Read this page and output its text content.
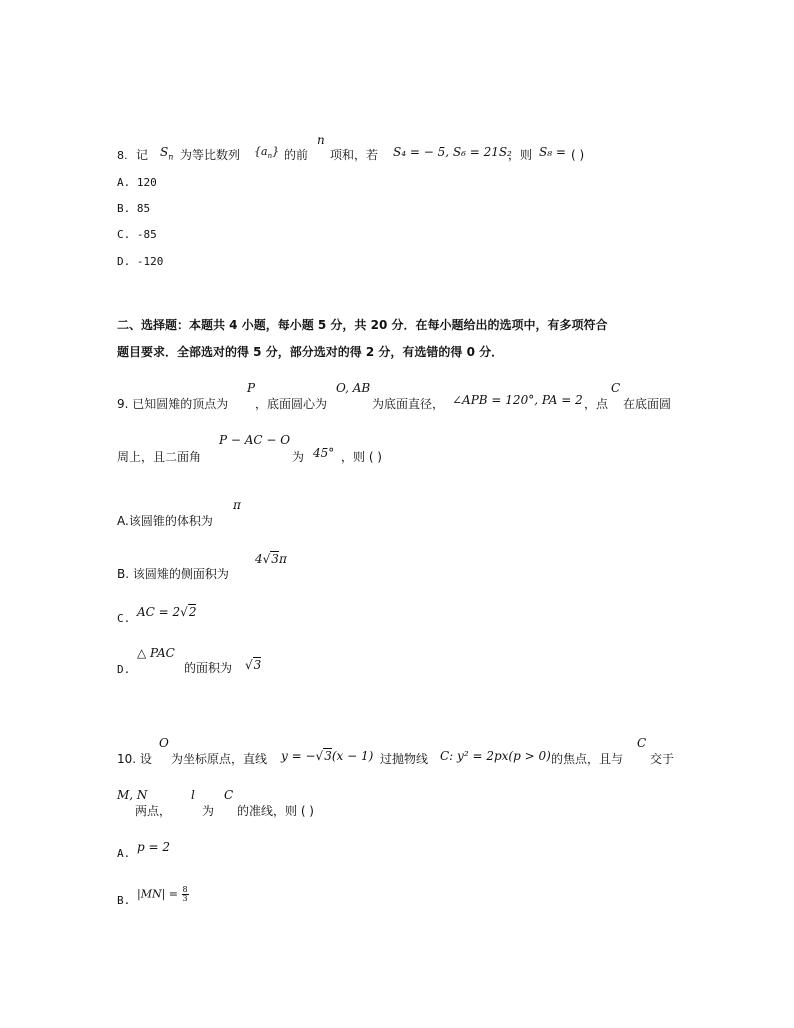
8. 记 $S_n$ 为等比数列 $\{a_n\}$ 的前
n
项和，若 S₄ = − 5, S₆ = 21S₂
，则 S₈ = ( )
A. 120
B. 85
C. -85
D. -120
二、选择题：本题共 4 小题，每小题 5 分，共 20 分．在每小题给出的选项中，有多项符合
题目要求．全部选对的得 5 分，部分选对的得 2 分，有选错的得 0 分．
9. 已知圆雉的顶点为
P
，底面圆心为
O, AB
为底面直径， ∠APB = 120°, PA = 2 ，点
C
在底面圆
周上，且二面角
P − AC − O
为 45° ，则 ( )
A.该圆锥的体积为
π
B. 该圆雉的侧面积为
4√3π
C. AC = 2√2
D.
△ PAC
的面积为 √3
10. 设
O
为坐标原点，直线 y = −√3(x − 1) 过抛物线 C: y² = 2px(p > 0) 的焦点，且与
C
交于
M, N
两点，
l
为
C
的准线，则 ( )
A. p = 2
B. $|MN| = \frac{8}{3}$
